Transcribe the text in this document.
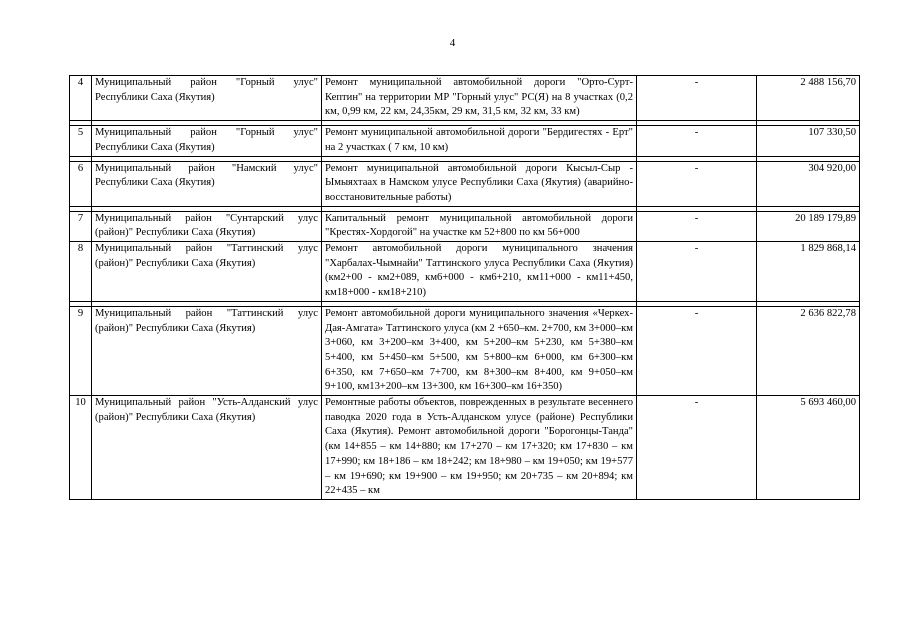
4
4	Муниципальный район "Горный улус" Республики Саха (Якутия)	Ремонт муниципальной автомобильной дороги "Орто-Сурт-Кептин" на территории МР "Горный улус" РС(Я) на 8 участках (0,2 км, 0,99 км, 22 км, 24,35км, 29 км, 31,5 км, 32 км, 33 км)	-	2 488 156,70

5	Муниципальный район "Горный улус" Республики Саха (Якутия)	Ремонт муниципальной автомобильной дороги "Бердигестях - Ерт" на 2 участках ( 7 км, 10 км)	-	107 330,50

6	Муниципальный район "Намский улус" Республики Саха (Якутия)	Ремонт муниципальной автомобильной дороги Кысыл-Сыр - Ымыяхтаах в Намском улусе Республики Саха (Якутия) (аварийно-восстановительные работы)	-	304 920,00

7	Муниципальный район "Сунтарский улус (район)" Республики Саха (Якутия)	Капитальный ремонт муниципальной автомобильной дороги "Крестях-Хордогой" на участке км 52+800 по км 56+000	-	20 189 179,89
8	Муниципальный район "Таттинский улус (район)" Республики Саха (Якутия)	Ремонт автомобильной дороги муниципального значения "Харбалах-Чымнайи" Таттинского улуса Республики Саха (Якутия) (км2+00 - км2+089, км6+000 - км6+210, км11+000 - км11+450, км18+000 - км18+210)	-	1 829 868,14

9	Муниципальный район "Таттинский улус (район)" Республики Саха (Якутия)	Ремонт автомобильной дороги муниципального значения «Черкех-Дая-Амгата» Таттинского улуса (км 2 +650–км. 2+700, км 3+000–км 3+060, км 3+200–км 3+400, км 5+200–км 5+230, км 5+380–км 5+400, км 5+450–км 5+500, км 5+800–км 6+000, км 6+300–км 6+350, км 7+650–км 7+700, км 8+300–км 8+400, км 9+050–км 9+100, км13+200–км 13+300, км 16+300–км 16+350)	-	2 636 822,78
10	Муниципальный район "Усть-Алданский улус (район)" Республики Саха (Якутия)	Ремонтные работы объектов, поврежденных в результате весеннего паводка 2020 года в Усть-Алданском улусе (районе) Республики Саха (Якутия). Ремонт автомобильной дороги "Борогонцы-Танда" (км 14+855 – км 14+880; км 17+270 – км 17+320; км 17+830 – км 17+990; км 18+186 – км 18+242; км 18+980 – км 19+050; км 19+577 – км 19+690; км 19+900 – км 19+950; км 20+735 – км 20+894; км 22+435 – км	-	5 693 460,00
